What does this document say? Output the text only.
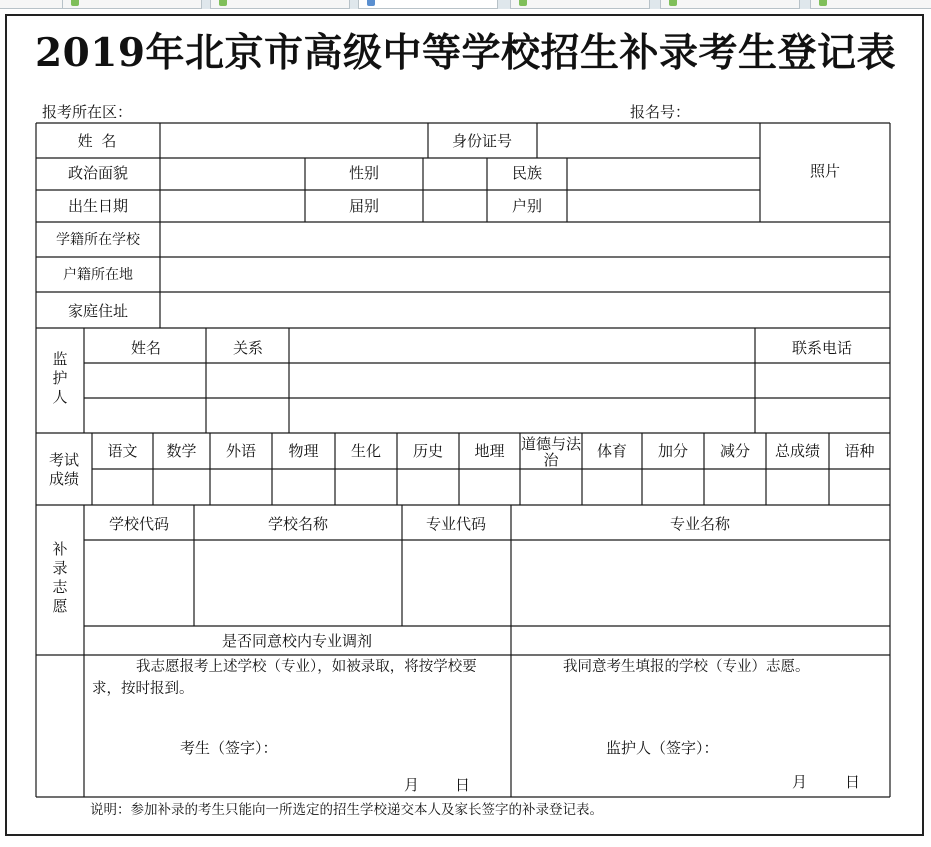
2019年北京市高级中等学校招生补录考生登记表
报考所在区：	报名号：
姓 名	身份证号
政治面貌	性别	民族	照片
出生日期	届别	户别
学籍所在学校
户籍所在地
家庭住址
监护人
姓名	关系	联系电话
考试成绩
语文	数学	外语	物理	生化	历史	地理	道德与法治	体育	加分	减分	总成绩	语种
补录志愿
学校代码	学校名称	专业代码	专业名称
是否同意校内专业调剂
我志愿报考上述学校（专业），如被录取，将按学校要求，按时报到。
我同意考生填报的学校（专业）志愿。
考生（签字）：	监护人（签字）：
月 日	月	日
说明：参加补录的考生只能向一所选定的招生学校递交本人及家长签字的补录登记表。
